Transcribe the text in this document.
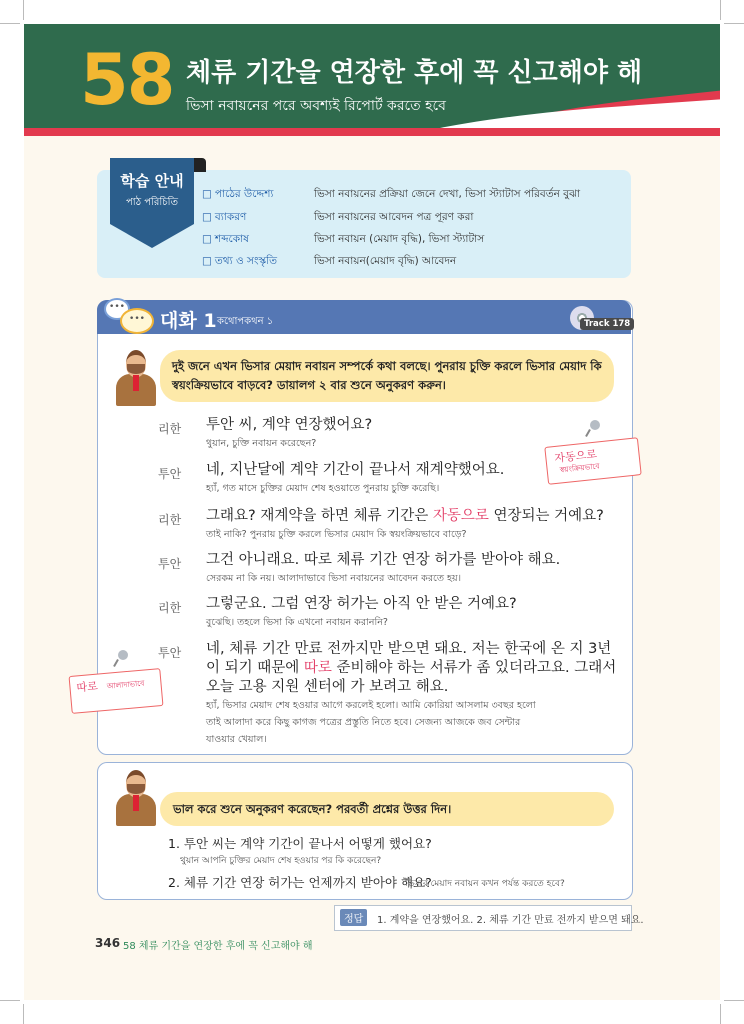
58 체류 기간을 연장한 후에 꼭 신고해야 해
ভিসা নবায়নের পরে অবশ্যই রিপোর্ট করতে হবে
학습 안내
পাঠ পরিচিতি
□ পাঠের উদ্দেশ্য	ভিসা নবায়নের প্রক্রিয়া জেনে দেখা, ভিসা স্ট্যাটাস পরিবর্তন বুঝা
□ ব্যাকরণ	ভিসা নবায়নের আবেদন পত্র পূরণ করা
□ শব্দকোষ	ভিসা নবায়ন (মেয়াদ বৃদ্ধি), ভিসা স্ট্যাটাস
□ তথ্য ও সংস্কৃতি	ভিসা নবায়ন(মেয়াদ বৃদ্ধি) আবেদন
•••
••• 대화 1 কথোপকথন ১	Track 178
দুই জনে এখন ভিসার মেয়াদ নবায়ন সম্পর্কে কথা বলছে। পুনরায় চুক্তি করলে ভিসার মেয়াদ কি স্বয়ংক্রিয়ভাবে বাড়বে? ডায়ালগ ২ বার শুনে অনুকরণ করুন।
리한 투안 씨, 계약 연장했어요?
থুয়ান, চুক্তি নবায়ন করেছেন?
투안 네, 지난달에 계약 기간이 끝나서 재계약했어요.
হ্যাঁ, গত মাসে চুক্তির মেয়াদ শেষ হওয়াতে পুনরায় চুক্তি করেছি।
리한 그래요? 재계약을 하면 체류 기간은 자동으로 연장되는 거예요?
তাই নাকি? পুনরায় চুক্তি করলে ভিসার মেয়াদ কি স্বয়ংক্রিয়ভাবে বাড়ে?
투안 그건 아니래요. 따로 체류 기간 연장 허가를 받아야 해요.
সেরকম না কি নয়। আলাদাভাবে ভিসা নবায়নের আবেদন করতে হয়।
리한 그렇군요. 그럼 연장 허가는 아직 안 받은 거예요?
বুঝেছি। তহলে ভিসা কি এখনো নবায়ন করাননি?
투안 네, 체류 기간 만료 전까지만 받으면 돼요. 저는 한국에 온 지 3년
이 되기 때문에 따로 준비해야 하는 서류가 좀 있더라고요. 그래서
오늘 고용 지원 센터에 가 보려고 해요.
হ্যাঁ, ভিসার মেয়াদ শেষ হওয়ার আগে করলেই হলো। আমি কোরিয়া আসলাম ৩বছর হলো
তাই আলাদা করে কিছু কাগজ পত্রের প্রস্তুতি নিতে হবে। সেজন্য আজকে জব সেন্টার
যাওয়ার খেয়াল।
자동으로
স্বয়ংক্রিয়ভাবে
따로 আলাদাভাবে
ভাল করে শুনে অনুকরণ করেছেন? পরবর্তী প্রশ্নের উত্তর দিন।
1. 투안 씨는 계약 기간이 끝나서 어떻게 했어요?
থুয়ান আপনি চুক্তির মেয়াদ শেষ হওয়ার পর কি করেছেন?
2. 체류 기간 연장 허가는 언제까지 받아야 해요?
ভিসার মেয়াদ নবায়ন কখন পর্যন্ত করতে হবে?
정답	1. 계약을 연장했어요. 2. 체류 기간 만료 전까지 받으면 돼요.
346 58 체류 기간을 연장한 후에 꼭 신고해야 해
